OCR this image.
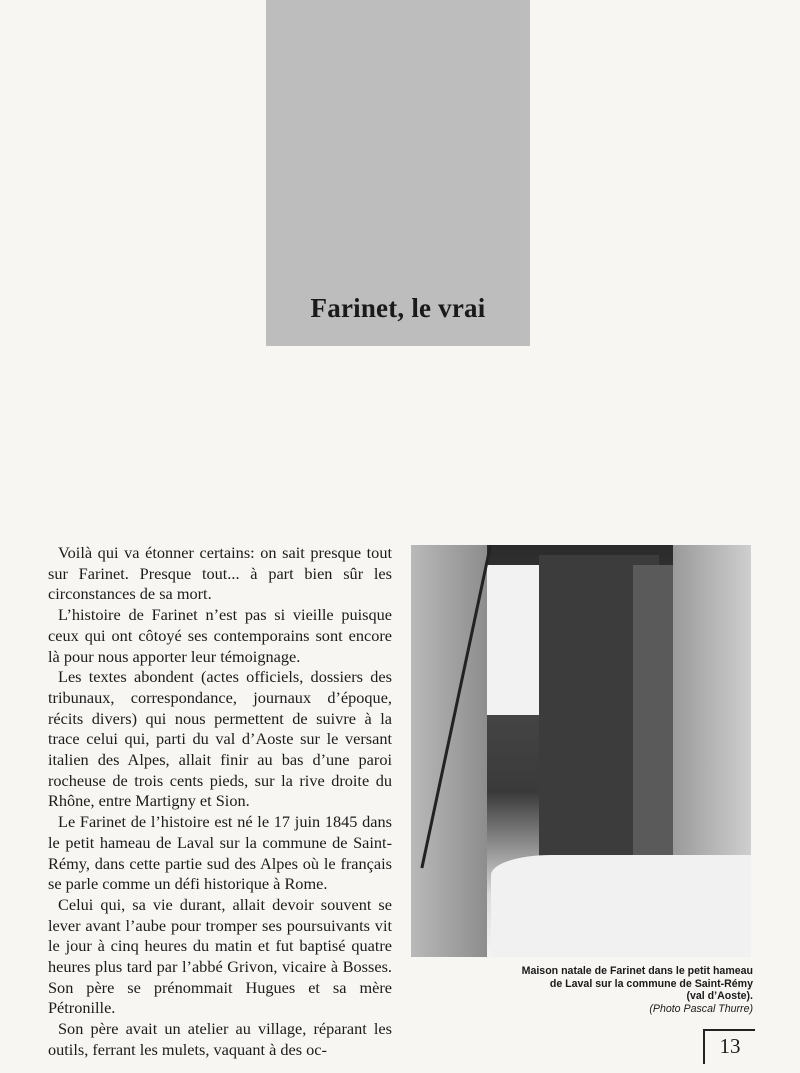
Farinet, le vrai

Voilà qui va étonner certains: on sait presque tout sur Farinet. Presque tout... à part bien sûr les circonstances de sa mort.

L’histoire de Farinet n’est pas si vieille puisque ceux qui ont côtoyé ses contemporains sont encore là pour nous apporter leur témoignage.

Les textes abondent (actes officiels, dossiers des tribunaux, correspondance, journaux d’époque, récits divers) qui nous permettent de suivre à la trace celui qui, parti du val d’Aoste sur le versant italien des Alpes, allait finir au bas d’une paroi rocheuse de trois cents pieds, sur la rive droite du Rhône, entre Martigny et Sion.

Le Farinet de l’histoire est né le 17 juin 1845 dans le petit hameau de Laval sur la commune de Saint-Rémy, dans cette partie sud des Alpes où le français se parle comme un défi historique à Rome.

Celui qui, sa vie durant, allait devoir souvent se lever avant l’aube pour tromper ses poursuivants vit le jour à cinq heures du matin et fut baptisé quatre heures plus tard par l’abbé Grivon, vicaire à Bosses. Son père se prénommait Hugues et sa mère Pétronille.

Son père avait un atelier au village, réparant les outils, ferrant les mulets, vaquant à des oc-

Maison natale de Farinet dans le petit hameau
de Laval sur la commune de Saint-Rémy
(val d’Aoste).
(Photo Pascal Thurre)
13
